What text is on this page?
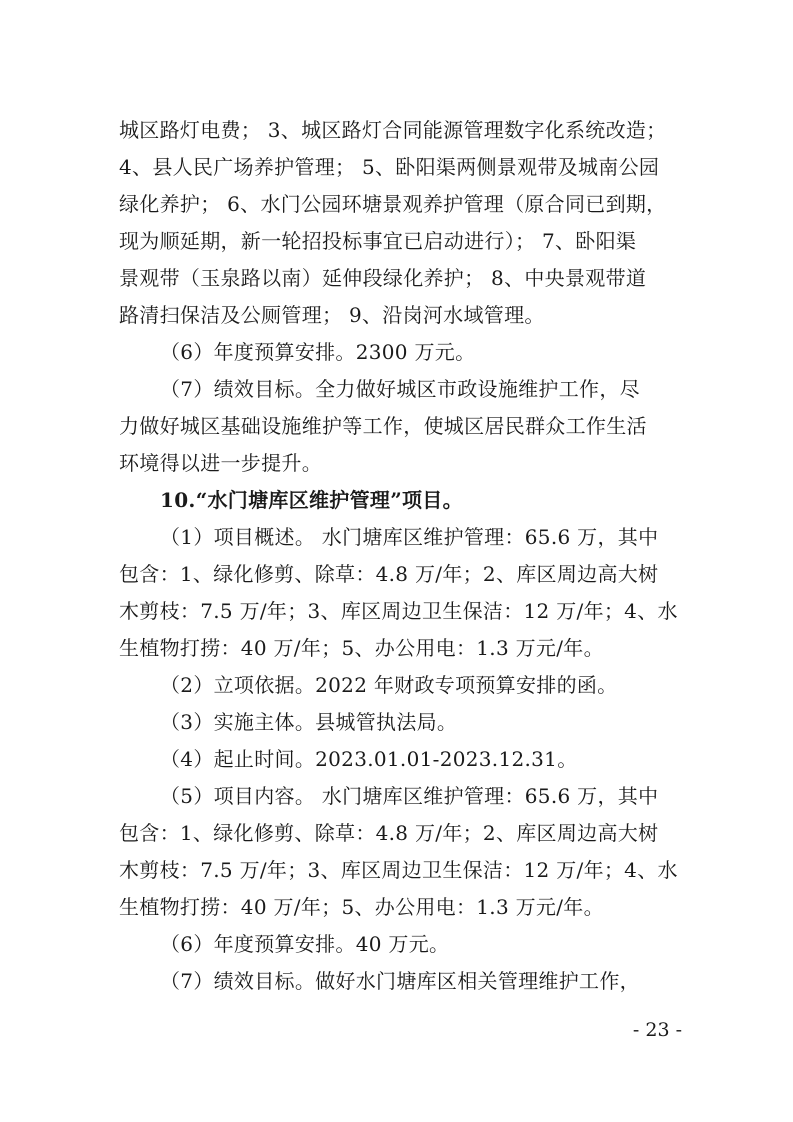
城区路灯电费； 3、城区路灯合同能源管理数字化系统改造；
4、县人民广场养护管理； 5、卧阳渠两侧景观带及城南公园
绿化养护； 6、水门公园环塘景观养护管理（原合同已到期，
现为顺延期，新一轮招投标事宜已启动进行）； 7、卧阳渠
景观带（玉泉路以南）延伸段绿化养护； 8、中央景观带道
路清扫保洁及公厕管理； 9、沿岗河水域管理。
（6）年度预算安排。2300 万元。
（7）绩效目标。全力做好城区市政设施维护工作，尽
力做好城区基础设施维护等工作，使城区居民群众工作生活
环境得以进一步提升。
10.“水门塘库区维护管理”项目。
（1）项目概述。 水门塘库区维护管理：65.6 万，其中
包含：1、绿化修剪、除草：4.8 万/年；2、库区周边高大树
木剪枝：7.5 万/年；3、库区周边卫生保洁：12 万/年；4、水
生植物打捞：40 万/年；5、办公用电：1.3 万元/年。
（2）立项依据。2022 年财政专项预算安排的函。
（3）实施主体。县城管执法局。
（4）起止时间。2023.01.01-2023.12.31。
（5）项目内容。 水门塘库区维护管理：65.6 万，其中
包含：1、绿化修剪、除草：4.8 万/年；2、库区周边高大树
木剪枝：7.5 万/年；3、库区周边卫生保洁：12 万/年；4、水
生植物打捞：40 万/年；5、办公用电：1.3 万元/年。
（6）年度预算安排。40 万元。
（7）绩效目标。做好水门塘库区相关管理维护工作，
- 23 -
